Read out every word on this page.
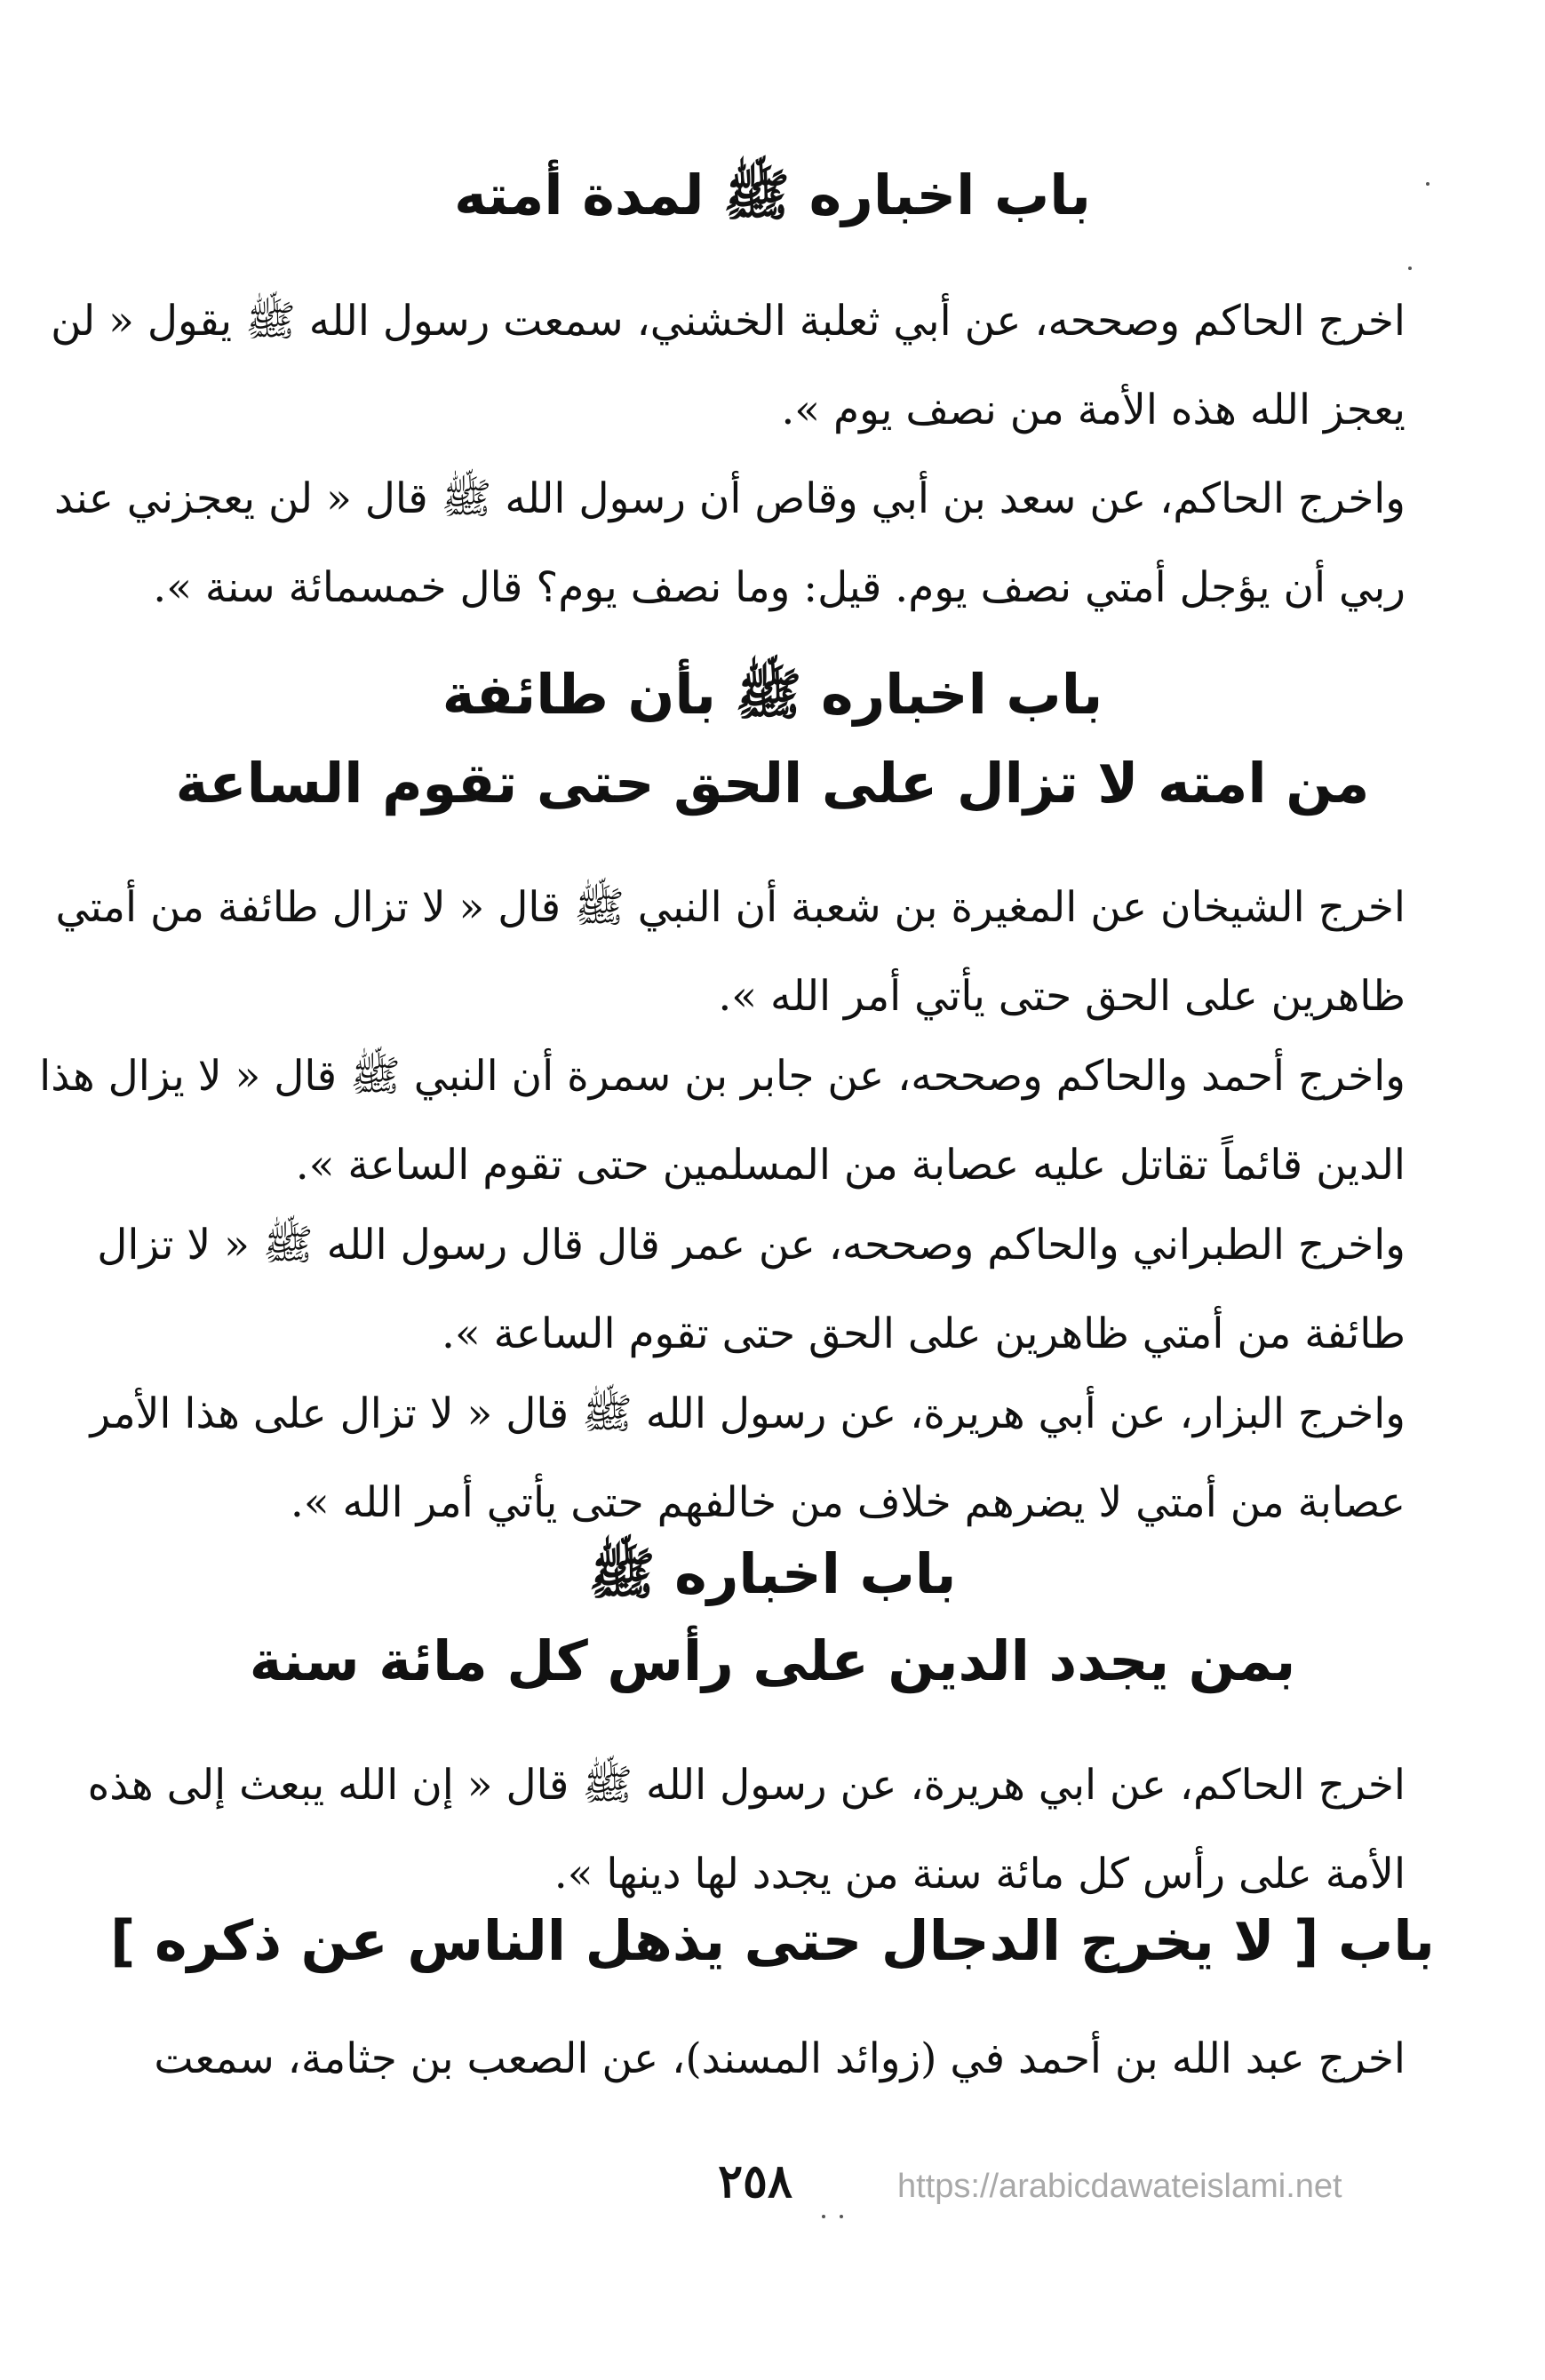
باب اخباره ﷺ لمدة أمته
اخرج الحاكم وصححه، عن أبي ثعلبة الخشني، سمعت رسول الله ﷺ يقول « لن
يعجز الله هذه الأمة من نصف يوم ».
واخرج الحاكم، عن سعد بن أبي وقاص أن رسول الله ﷺ قال « لن يعجزني عند
ربي أن يؤجل أمتي نصف يوم. قيل: وما نصف يوم؟ قال خمسمائة سنة ».
باب اخباره ﷺ بأن طائفة
من امته لا تزال على الحق حتى تقوم الساعة
اخرج الشيخان عن المغيرة بن شعبة أن النبي ﷺ قال « لا تزال طائفة من أمتي
ظاهرين على الحق حتى يأتي أمر الله ».
واخرج أحمد والحاكم وصححه، عن جابر بن سمرة أن النبي ﷺ قال « لا يزال هذا
الدين قائماً تقاتل عليه عصابة من المسلمين حتى تقوم الساعة ».
واخرج الطبراني والحاكم وصححه، عن عمر قال قال رسول الله ﷺ « لا تزال
طائفة من أمتي ظاهرين على الحق حتى تقوم الساعة ».
واخرج البزار، عن أبي هريرة، عن رسول الله ﷺ قال « لا تزال على هذا الأمر
عصابة من أمتي لا يضرهم خلاف من خالفهم حتى يأتي أمر الله ».
باب اخباره ﷺ
بمن يجدد الدين على رأس كل مائة سنة
اخرج الحاكم، عن ابي هريرة، عن رسول الله ﷺ قال « إن الله يبعث إلى هذه
الأمة على رأس كل مائة سنة من يجدد لها دينها ».
باب [ لا يخرج الدجال حتى يذهل الناس عن ذكره ]
اخرج عبد الله بن أحمد في (زوائد المسند)، عن الصعب بن جثامة، سمعت
٢٥٨	https://arabicdawateislami.net
